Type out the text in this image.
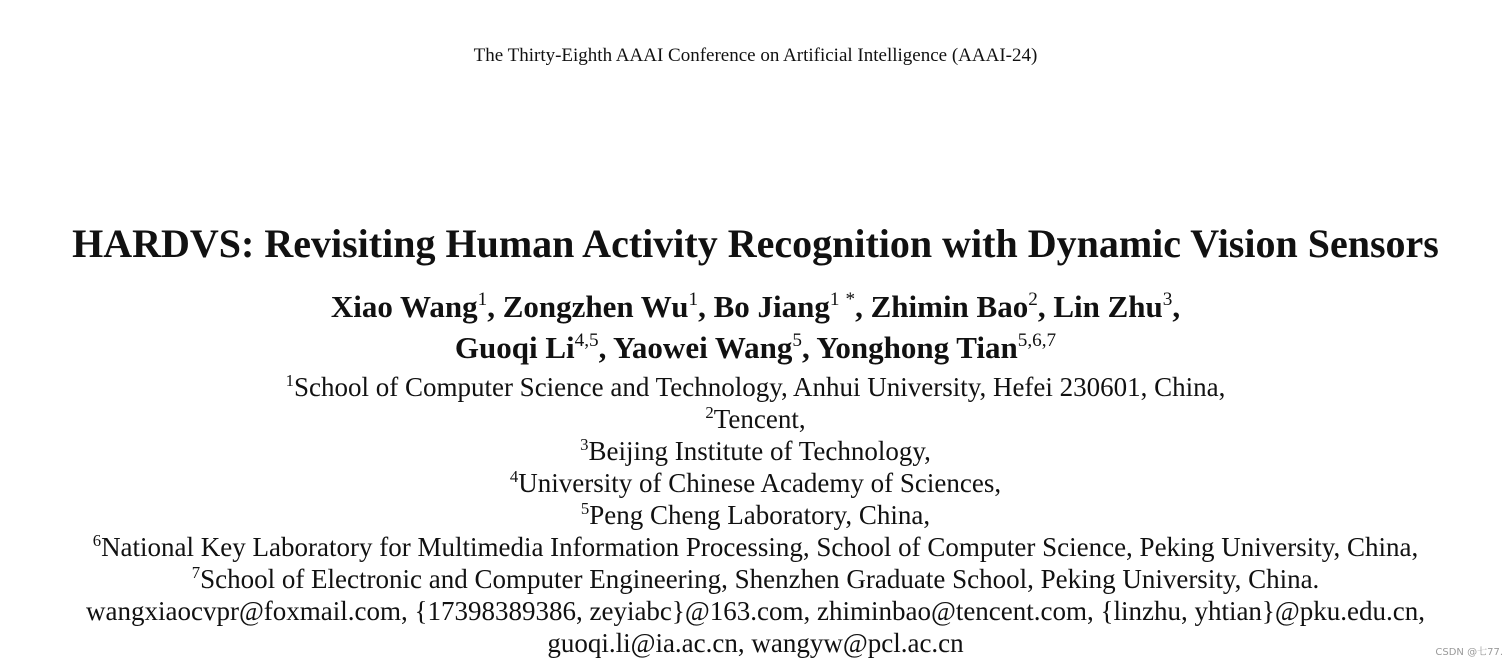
The Thirty-Eighth AAAI Conference on Artificial Intelligence (AAAI-24)
HARDVS: Revisiting Human Activity Recognition with Dynamic Vision Sensors
Xiao Wang$^1$, Zongzhen Wu$^1$, Bo Jiang$^1$ *, Zhimin Bao$^2$, Lin Zhu$^3$,
Guoqi Li$^{4,5}$, Yaowei Wang$^5$, Yonghong Tian$^{5,6,7}$
$^1$School of Computer Science and Technology, Anhui University, Hefei 230601, China,
$^2$Tencent,
$^3$Beijing Institute of Technology,
$^4$University of Chinese Academy of Sciences,
$^5$Peng Cheng Laboratory, China,
$^6$National Key Laboratory for Multimedia Information Processing, School of Computer Science, Peking University, China,
$^7$School of Electronic and Computer Engineering, Shenzhen Graduate School, Peking University, China.
wangxiaocvpr@foxmail.com, {17398389386, zeyiabc}@163.com, zhiminbao@tencent.com, {linzhu, yhtian}@pku.edu.cn,
guoqi.li@ia.ac.cn, wangyw@pcl.ac.cn	CSDN @七77.
